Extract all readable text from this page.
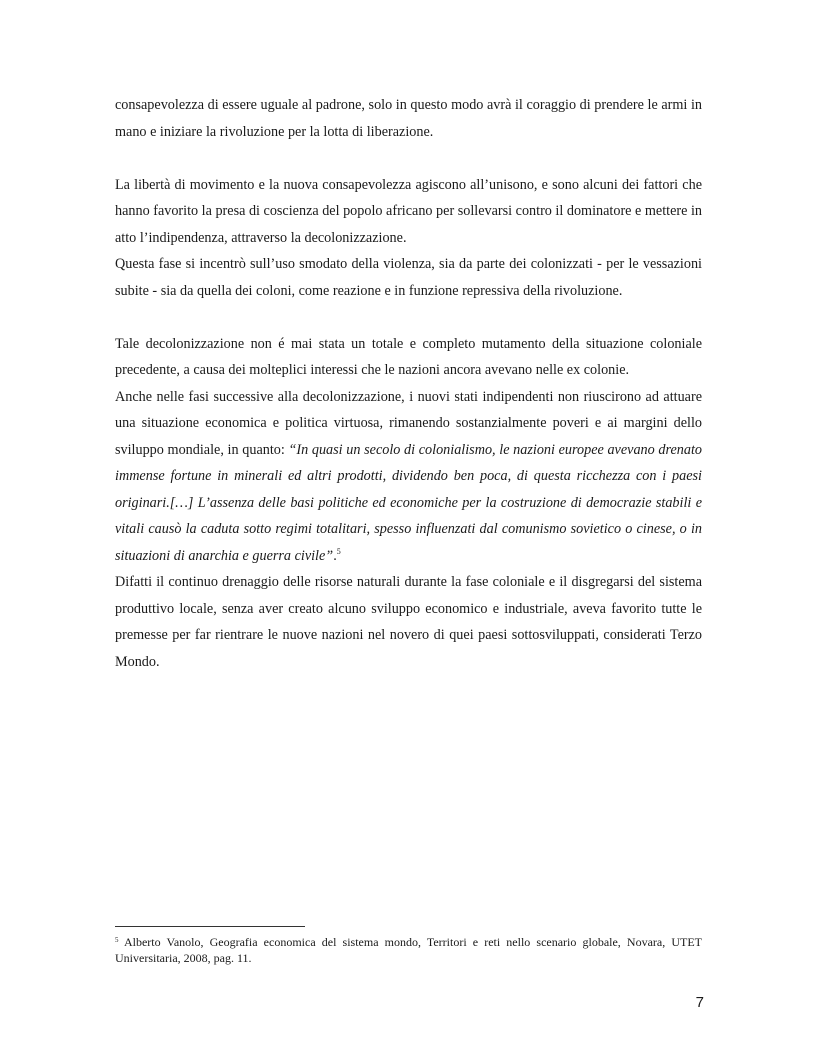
consapevolezza di essere uguale al padrone, solo in questo modo avrà il coraggio di prendere le armi in mano e iniziare la rivoluzione per la lotta di liberazione.

La libertà di movimento e la nuova consapevolezza agiscono all’unisono, e sono alcuni dei fattori che hanno favorito la presa di coscienza del popolo africano per sollevarsi contro il dominatore e mettere in atto l’indipendenza, attraverso la decolonizzazione.

Questa fase si incentrò sull’uso smodato della violenza, sia da parte dei colonizzati - per le vessazioni subite - sia da quella dei coloni, come reazione e in funzione repressiva della rivoluzione.

Tale decolonizzazione non é mai stata un totale e completo mutamento della situazione coloniale precedente, a causa dei molteplici interessi che le nazioni ancora avevano nelle ex colonie.

Anche nelle fasi successive alla decolonizzazione, i nuovi stati indipendenti non riuscirono ad attuare una situazione economica e politica virtuosa, rimanendo sostanzialmente poveri e ai margini dello sviluppo mondiale, in quanto: “In quasi un secolo di colonialismo, le nazioni europee avevano drenato immense fortune in minerali ed altri prodotti, dividendo ben poca, di questa ricchezza con i paesi originari.[…] L’assenza delle basi politiche ed economiche per la costruzione di democrazie stabili e vitali causò la caduta sotto regimi totalitari, spesso influenzati dal comunismo sovietico o cinese, o in situazioni di anarchia e guerra civile”.$^5$

Difatti il continuo drenaggio delle risorse naturali durante la fase coloniale e il disgregarsi del sistema produttivo locale, senza aver creato alcuno sviluppo economico e industriale, aveva favorito tutte le premesse per far rientrare le nuove nazioni nel novero di quei paesi sottosviluppati, considerati Terzo Mondo.

$^5$ Alberto Vanolo, Geografia economica del sistema mondo, Territori e reti nello scenario globale, Novara, UTET Universitaria, 2008, pag. 11.
7
